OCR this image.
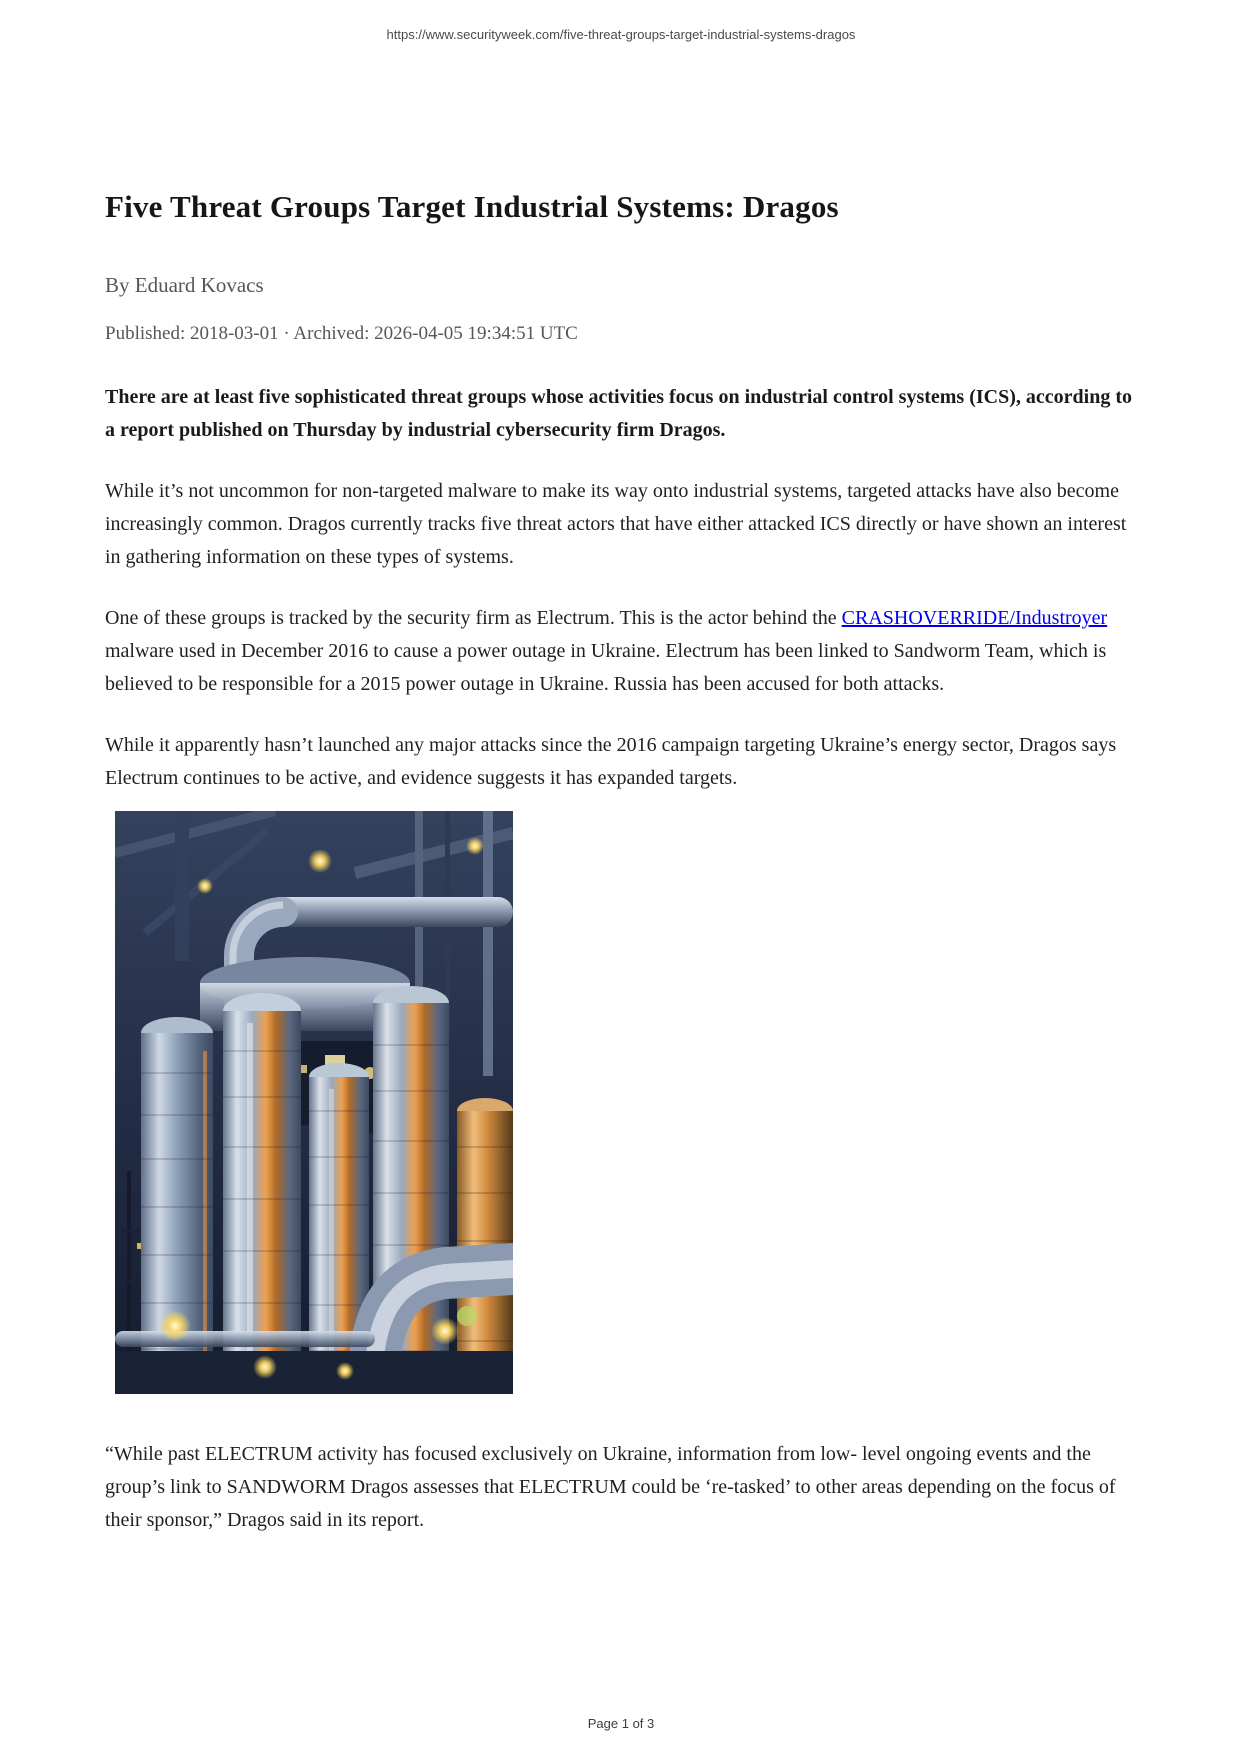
https://www.securityweek.com/five-threat-groups-target-industrial-systems-dragos
Five Threat Groups Target Industrial Systems: Dragos
By Eduard Kovacs
Published: 2018-03-01 · Archived: 2026-04-05 19:34:51 UTC

There are at least five sophisticated threat groups whose activities focus on industrial control systems (ICS), according to a report published on Thursday by industrial cybersecurity firm Dragos.

While it’s not uncommon for non-targeted malware to make its way onto industrial systems, targeted attacks have also become increasingly common. Dragos currently tracks five threat actors that have either attacked ICS directly or have shown an interest in gathering information on these types of systems.

One of these groups is tracked by the security firm as Electrum. This is the actor behind the CRASHOVERRIDE/Industroyer malware used in December 2016 to cause a power outage in Ukraine. Electrum has been linked to Sandworm Team, which is believed to be responsible for a 2015 power outage in Ukraine. Russia has been accused for both attacks.

While it apparently hasn’t launched any major attacks since the 2016 campaign targeting Ukraine’s energy sector, Dragos says Electrum continues to be active, and evidence suggests it has expanded targets.

“While past ELECTRUM activity has focused exclusively on Ukraine, information from low- level ongoing events and the group’s link to SANDWORM Dragos assesses that ELECTRUM could be ‘re-tasked’ to other areas depending on the focus of their sponsor,” Dragos said in its report.

Page 1 of 3
